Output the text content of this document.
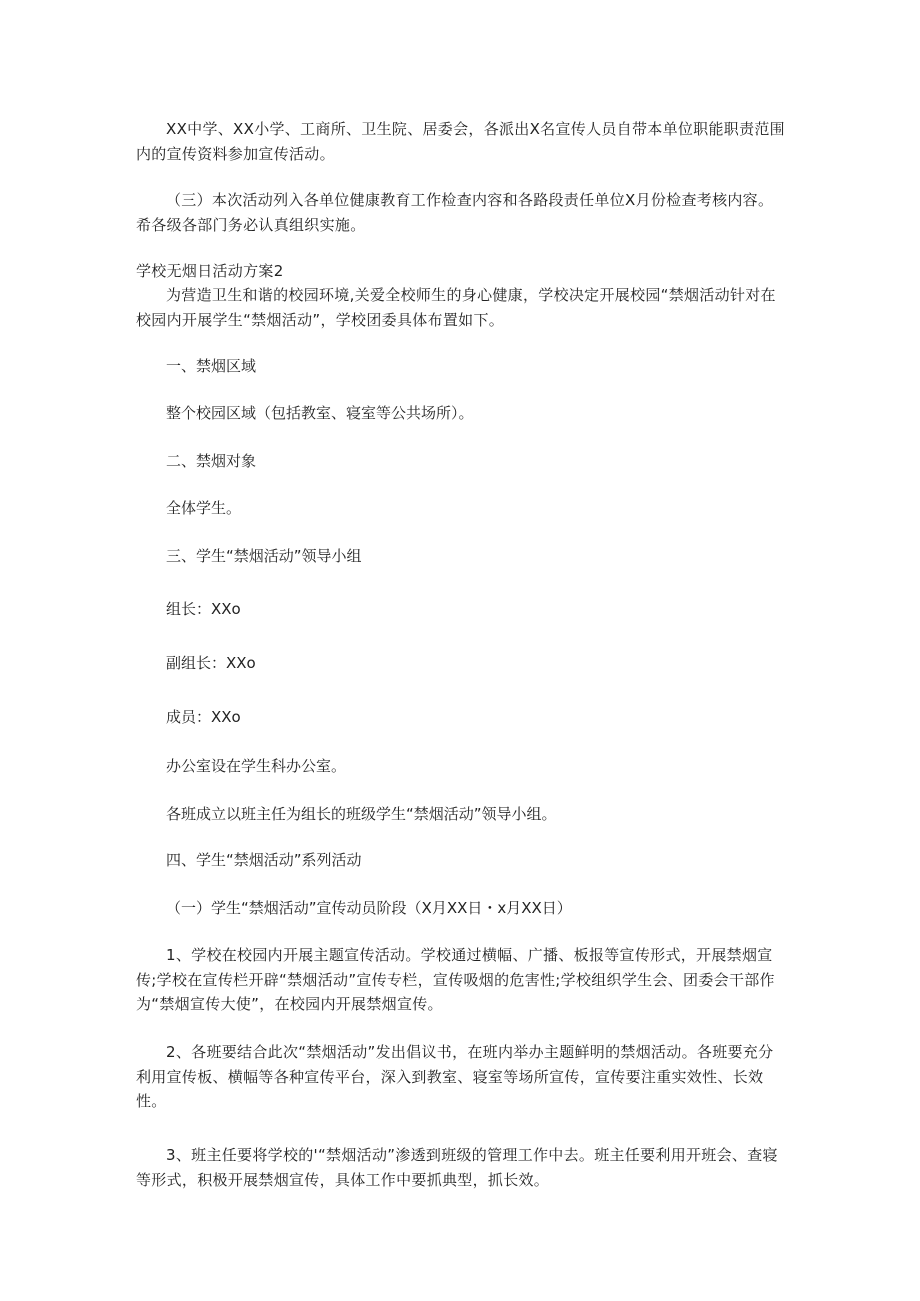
XX中学、XX小学、工商所、卫生院、居委会，各派出X名宣传人员自带本单位职能职责范围内的宣传资料参加宣传活动。
（三）本次活动列入各单位健康教育工作检查内容和各路段责任单位X月份检查考核内容。希各级各部门务必认真组织实施。
学校无烟日活动方案2
为营造卫生和谐的校园环境,关爱全校师生的身心健康，学校决定开展校园“禁烟活动针对在校园内开展学生“禁烟活动”，学校团委具体布置如下。
一、禁烟区域
整个校园区域（包括教室、寝室等公共场所）。
二、禁烟对象
全体学生。
三、学生“禁烟活动”领导小组
组长：XXo
副组长：XXo
成员：XXo
办公室设在学生科办公室。
各班成立以班主任为组长的班级学生“禁烟活动”领导小组。
四、学生“禁烟活动”系列活动
（一）学生“禁烟活动”宣传动员阶段（X月XX日・x月XX日）
1、学校在校园内开展主题宣传活动。学校通过横幅、广播、板报等宣传形式，开展禁烟宣传;学校在宣传栏开辟“禁烟活动”宣传专栏，宣传吸烟的危害性;学校组织学生会、团委会干部作为“禁烟宣传大使”，在校园内开展禁烟宣传。
2、各班要结合此次“禁烟活动”发出倡议书，在班内举办主题鲜明的禁烟活动。各班要充分利用宣传板、横幅等各种宣传平台，深入到教室、寝室等场所宣传，宣传要注重实效性、长效性。
3、班主任要将学校的'“禁烟活动”渗透到班级的管理工作中去。班主任要利用开班会、查寝等形式，积极开展禁烟宣传，具体工作中要抓典型，抓长效。
